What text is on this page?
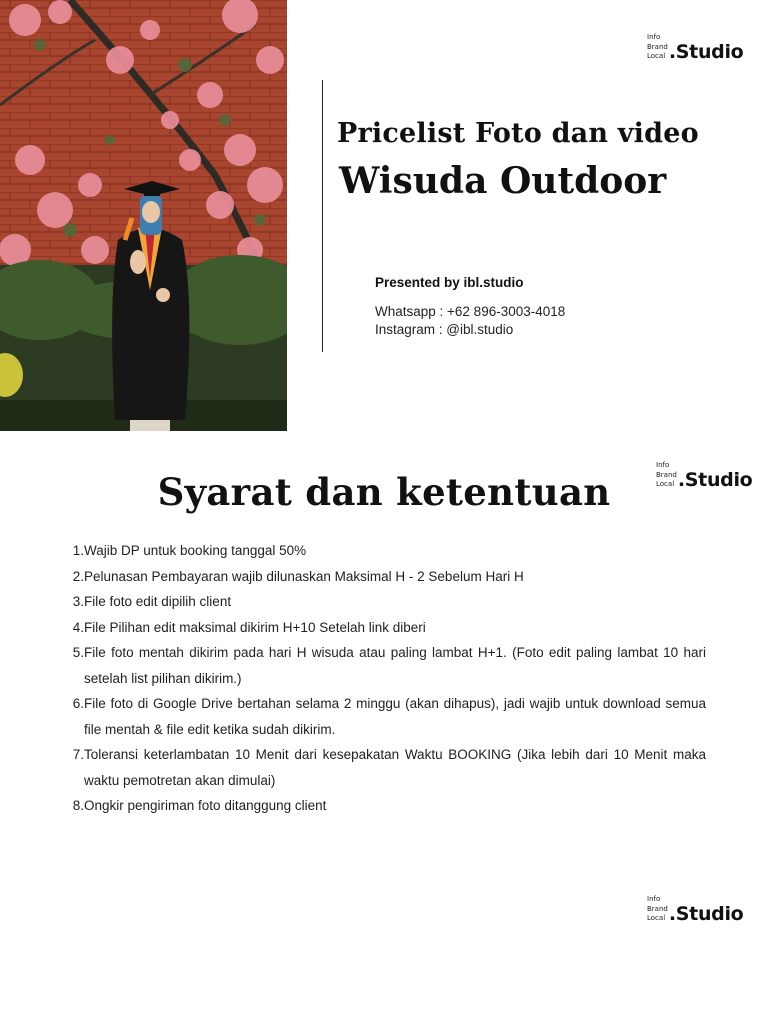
Info
Brand
Local .Studio
Pricelist Foto dan video
Wisuda Outdoor
Presented by ibl.studio
Whatsapp : +62 896-3003-4018
Instagram : @ibl.studio
Info
Brand
Local .Studio
Syarat dan ketentuan
1. Wajib DP untuk booking tanggal 50%
2. Pelunasan Pembayaran wajib dilunaskan Maksimal H - 2 Sebelum Hari H
3. File foto edit dipilih client
4. File Pilihan edit maksimal dikirim H+10 Setelah link diberi
5. File foto mentah dikirim pada hari H wisuda atau paling lambat H+1. (Foto edit paling lambat 10 hari setelah list pilihan dikirim.)
6. File foto di Google Drive bertahan selama 2 minggu (akan dihapus), jadi wajib untuk download semua file mentah & file edit ketika sudah dikirim.
7. Toleransi keterlambatan 10 Menit dari kesepakatan Waktu BOOKING (Jika lebih dari 10 Menit maka waktu pemotretan akan dimulai)
8. Ongkir pengiriman foto ditanggung client
Info
Brand
Local .Studio
